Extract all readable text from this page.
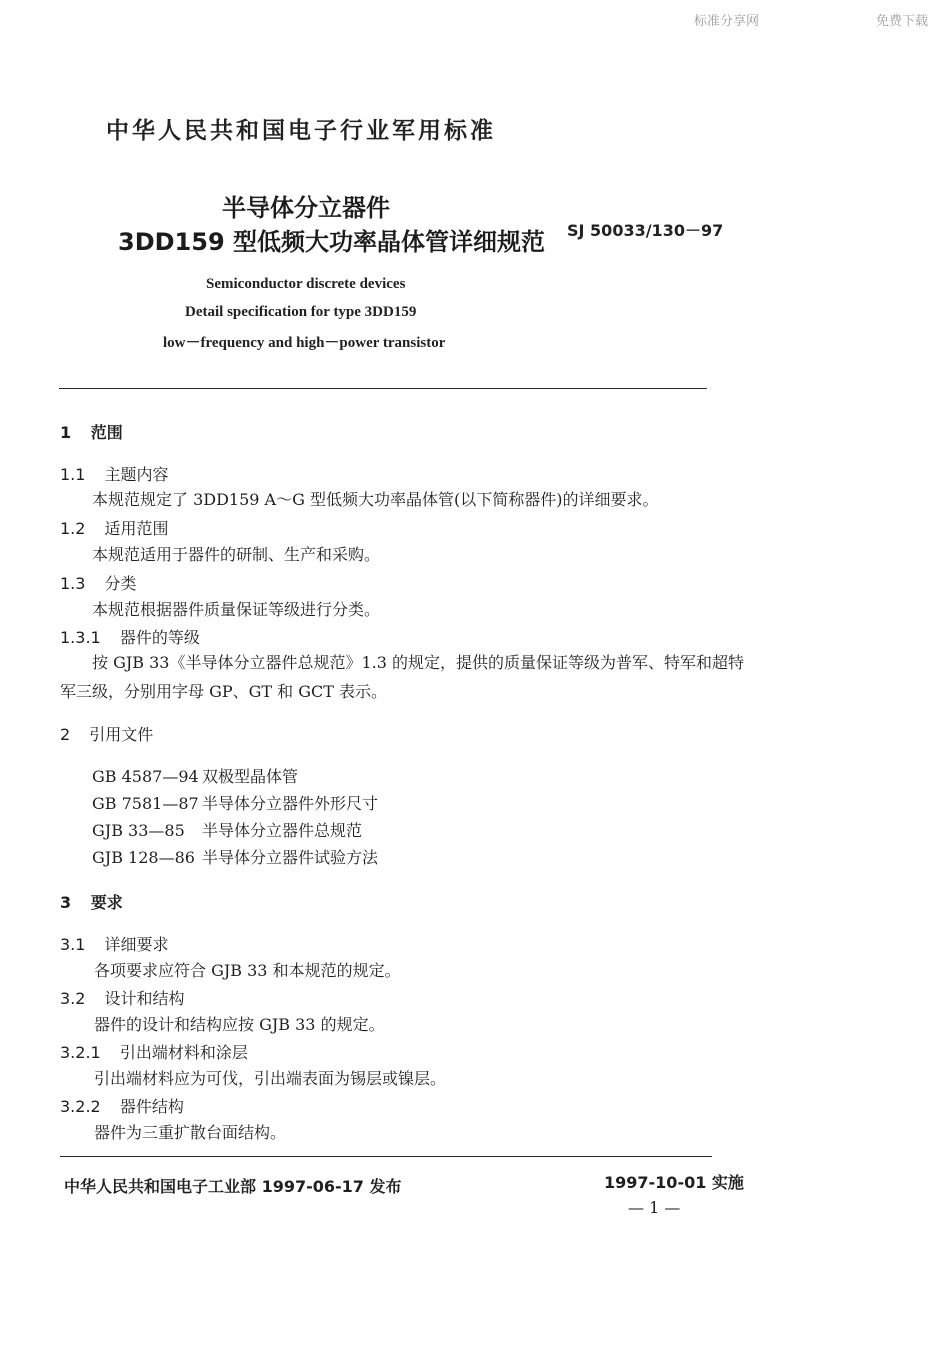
标准分享网	免费下载
中华人民共和国电子行业军用标准
半导体分立器件
3DD159 型低频大功率晶体管详细规范 SJ 50033/130－97
Semiconductor discrete devices
Detail specification for type 3DD159
low－frequency and high－power transistor
1 范围
1.1 主题内容
本规范规定了 3DD159 A～G 型低频大功率晶体管(以下简称器件)的详细要求。
1.2 适用范围
本规范适用于器件的研制、生产和采购。
1.3 分类
本规范根据器件质量保证等级进行分类。
1.3.1 器件的等级
按 GJB 33《半导体分立器件总规范》1.3 的规定，提供的质量保证等级为普军、特军和超特
军三级，分别用字母 GP、GT 和 GCT 表示。
2 引用文件
GB 4587—94 双极型晶体管
GB 7581—87 半导体分立器件外形尺寸
GJB 33—85 半导体分立器件总规范
GJB 128—86 半导体分立器件试验方法
3 要求
3.1 详细要求
各项要求应符合 GJB 33 和本规范的规定。
3.2 设计和结构
器件的设计和结构应按 GJB 33 的规定。
3.2.1 引出端材料和涂层
引出端材料应为可伐，引出端表面为锡层或镍层。
3.2.2 器件结构
器件为三重扩散台面结构。
中华人民共和国电子工业部 1997-06-17 发布	1997-10-01 实施
— 1 —
